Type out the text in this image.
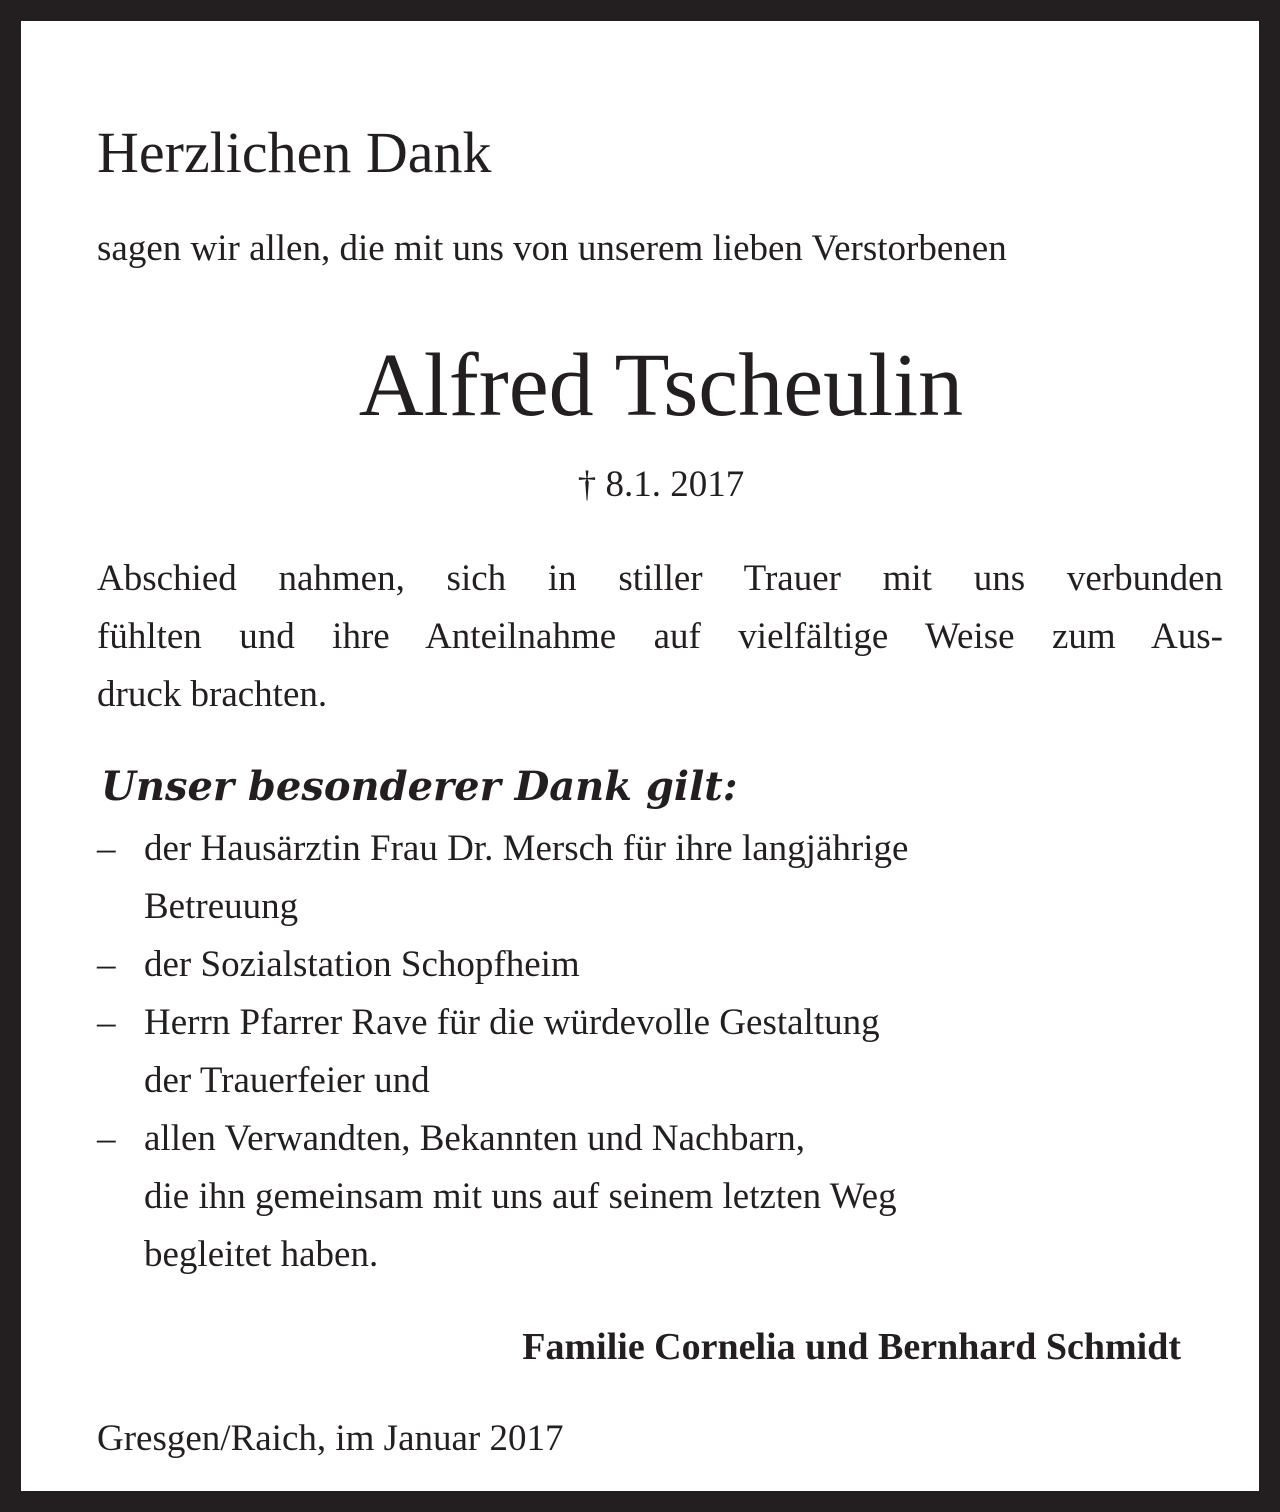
Herzlichen Dank

sagen wir allen, die mit uns von unserem lieben Verstorbenen

Alfred Tscheulin

† 8.1. 2017

Abschied nahmen, sich in stiller Trauer mit uns verbunden

fühlten und ihre Anteilnahme auf vielfältige Weise zum Aus-

druck brachten.

Unser besonderer Dank gilt:

– der Hausärztin Frau Dr. Mersch für ihre langjährige
Betreuung
– der Sozialstation Schopfheim
– Herrn Pfarrer Rave für die würdevolle Gestaltung
der Trauerfeier und
– allen Verwandten, Bekannten und Nachbarn,
die ihn gemeinsam mit uns auf seinem letzten Weg
begleitet haben.

Familie Cornelia und Bernhard Schmidt

Gresgen/Raich, im Januar 2017
